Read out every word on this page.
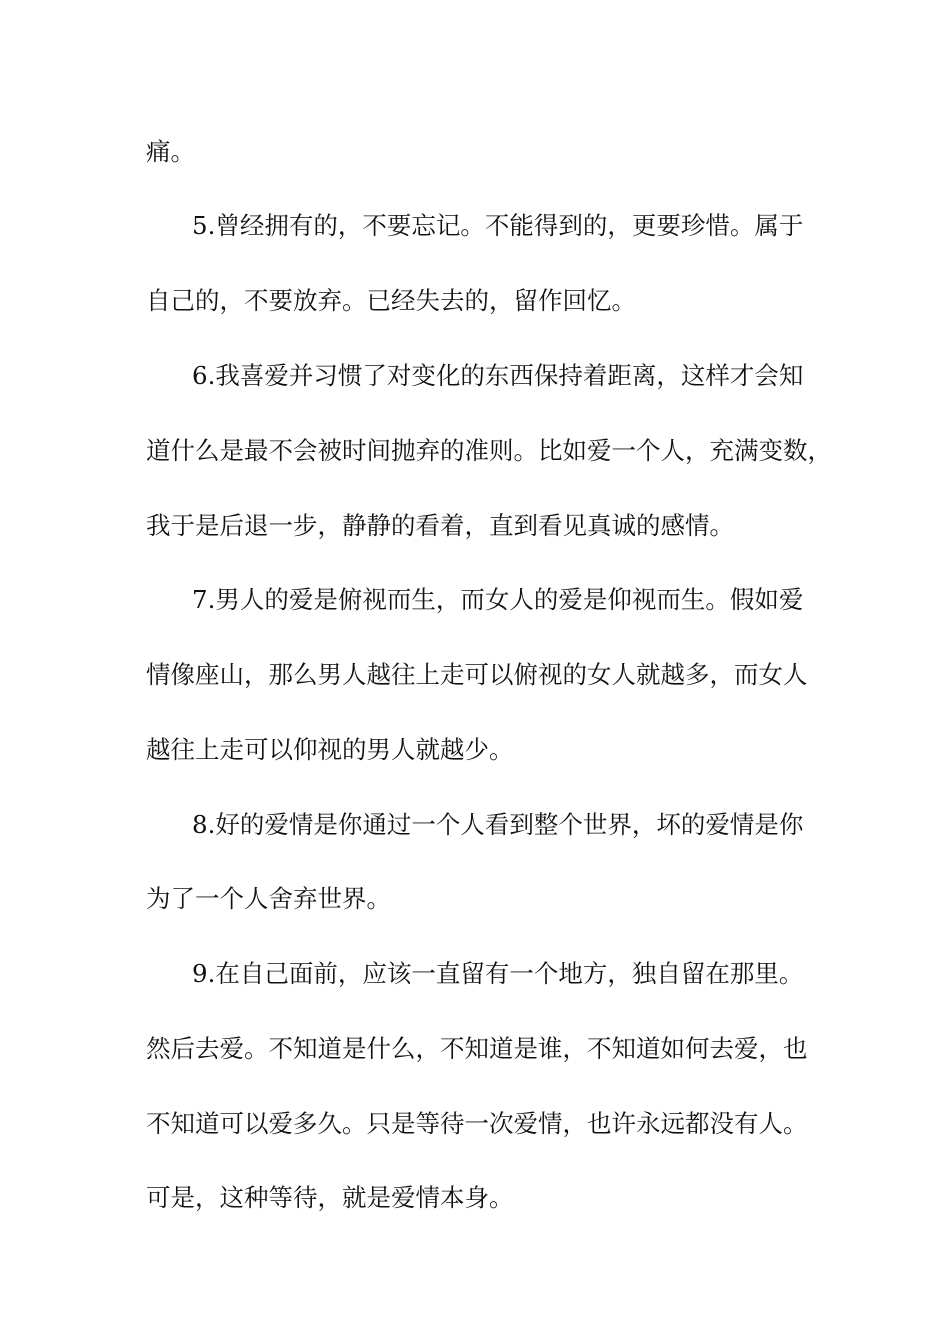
痛。
5.曾经拥有的，不要忘记。不能得到的，更要珍惜。属于
自己的，不要放弃。已经失去的，留作回忆。
6.我喜爱并习惯了对变化的东西保持着距离，这样才会知
道什么是最不会被时间抛弃的准则。比如爱一个人，充满变数，
我于是后退一步，静静的看着，直到看见真诚的感情。
7.男人的爱是俯视而生，而女人的爱是仰视而生。假如爱
情像座山，那么男人越往上走可以俯视的女人就越多，而女人
越往上走可以仰视的男人就越少。
8.好的爱情是你通过一个人看到整个世界，坏的爱情是你
为了一个人舍弃世界。
9.在自己面前，应该一直留有一个地方，独自留在那里。
然后去爱。不知道是什么，不知道是谁，不知道如何去爱，也
不知道可以爱多久。只是等待一次爱情，也许永远都没有人。
可是，这种等待，就是爱情本身。
